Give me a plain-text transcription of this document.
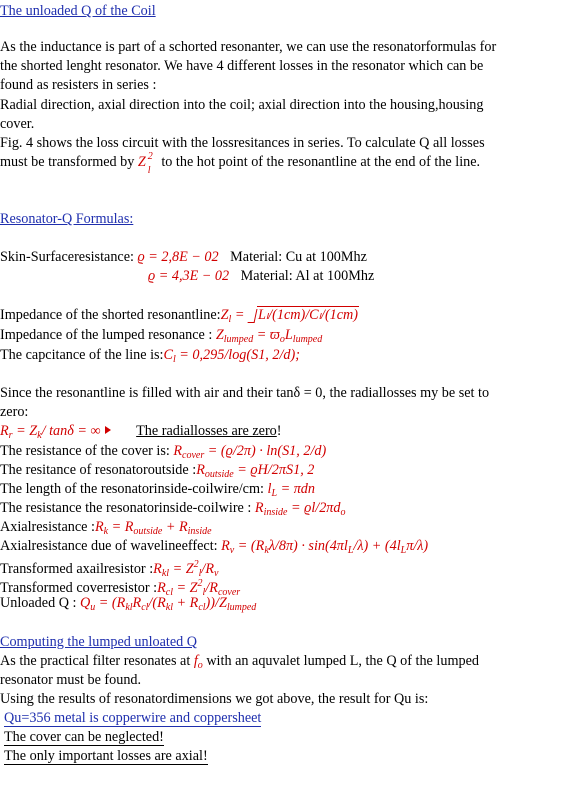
The unloaded Q of the Coil
As the inductance is part of a schorted resonanter, we can use the resonatorformulas for
the shorted lenght resonator. We have 4 different losses in the resonator which can be
found as resisters in series :
Radial direction, axial direction into the coil; axial direction into the housing,housing
cover.
Fig. 4 shows the loss circuit with the lossresitances in series. To calculate Q all losses
must be transformed by Z 2
l
to the hot point of the resonantline at the end of the line.
Resonator-Q Formulas:
Skin-Surfaceresistance: ϱ = 2,8E − 02 Material: Cu at 100Mhz
ϱ = 4,3E − 02 Material: Al at 100Mhz
Impedance of the shorted $resonantline:Z_l = L_l/(1cm)/C_l/(1cm)$
Impedance of the lumped resonance : $Z_{lumped} = ϖ_oL_{lumped}$
The capcitance of the line $is:C_l = 0,295/\log(S1$, 2/d);
Since the resonantline is filled with air and their tanδ = 0, the radiallosses my be set to
zero:
$R_r = Z_k/$ tanδ = ∞	The radiallosses are zero!
The resistance of the cover is: $R_{cover} = (ϱ/2\pi) \cdot \ln(S1$, 2/d)
The resitance of resonatoroutside $:R_{outside} = ϱH/2\pi S1$, 2
The length of the resonatorinside-coilwire/cm: $l_L = \pi dn$
The resistance the resonatorinside-coilwire : $R_{inside} = ϱl/2\pi d_o$
Axialresistance $:R_k = R_{outside} + R_{inside}$
Axialresistance due of wavelineeffect: $R_v = (R_k\lambda/8\pi) \cdot \sin(4\pi l_L/\lambda) + (4l_L\pi/\lambda)$
Transformed axailresistor $:R_{kl} = Z^2_l/R_v$
Transformed coverresistor $:R_{cl} = Z^2_l/R_{cover}$
Unloaded Q : $Q_u = (R_{kl}R_{cl}/(R_{kl} + R_{cl}))/Z_{lumped}$
Computing the lumped unloated Q
As the practical filter resonates at $f_o$ with an aquvalet lumped L, the Q of the lumped
resonator must be found.
Using the results of resonatordimensions we got above, the result for Qu is:
Qu=356 metal is copperwire and coppersheet
The cover can be neglected!
The only important losses are axial!
